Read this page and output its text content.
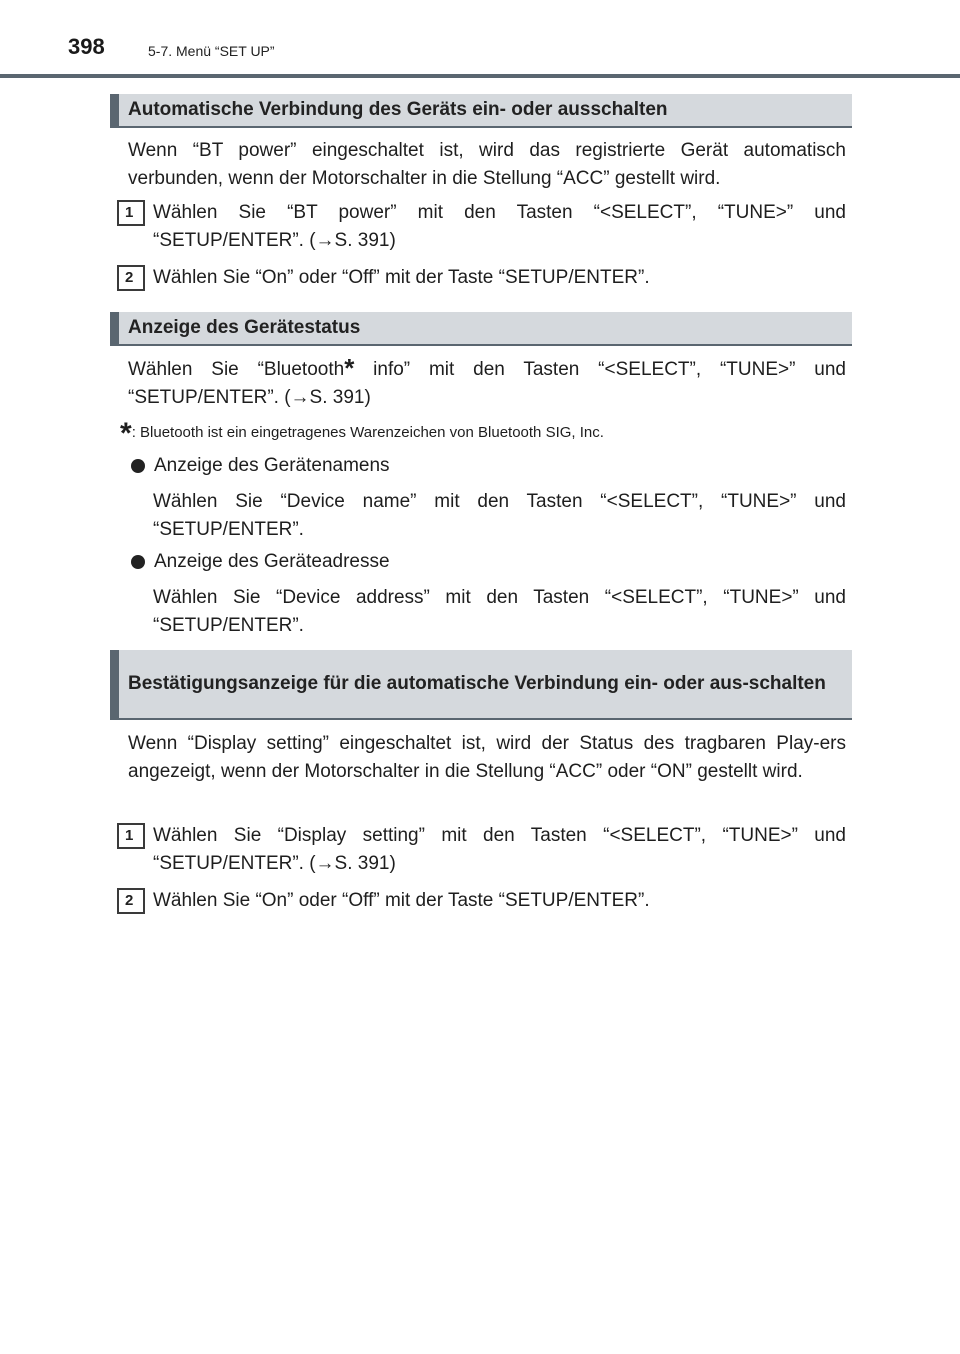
398	5-7. Menü “SET UP”
Automatische Verbindung des Geräts ein- oder ausschalten
Wenn “BT power” eingeschaltet ist, wird das registrierte Gerät automatisch verbunden, wenn der Motorschalter in die Stellung “ACC” gestellt wird.
1	Wählen Sie “BT power” mit den Tasten “<SELECT”, “TUNE>” und “SETUP/ENTER”. (→S. 391)
2	Wählen Sie “On” oder “Off” mit der Taste “SETUP/ENTER”.
Anzeige des Gerätestatus
Wählen Sie “Bluetooth* info” mit den Tasten “<SELECT”, “TUNE>” und “SETUP/ENTER”. (→S. 391)
*: Bluetooth ist ein eingetragenes Warenzeichen von Bluetooth SIG, Inc.
Anzeige des Gerätenamens
Wählen Sie “Device name” mit den Tasten “<SELECT”, “TUNE>” und “SETUP/ENTER”.
Anzeige des Geräteadresse
Wählen Sie “Device address” mit den Tasten “<SELECT”, “TUNE>” und “SETUP/ENTER”.
Bestätigungsanzeige für die automatische Verbindung ein- oder aus-schalten
Wenn “Display setting” eingeschaltet ist, wird der Status des tragbaren Play-ers angezeigt, wenn der Motorschalter in die Stellung “ACC” oder “ON” gestellt wird.
1	Wählen Sie “Display setting” mit den Tasten “<SELECT”, “TUNE>” und “SETUP/ENTER”. (→S. 391)
2	Wählen Sie “On” oder “Off” mit der Taste “SETUP/ENTER”.
